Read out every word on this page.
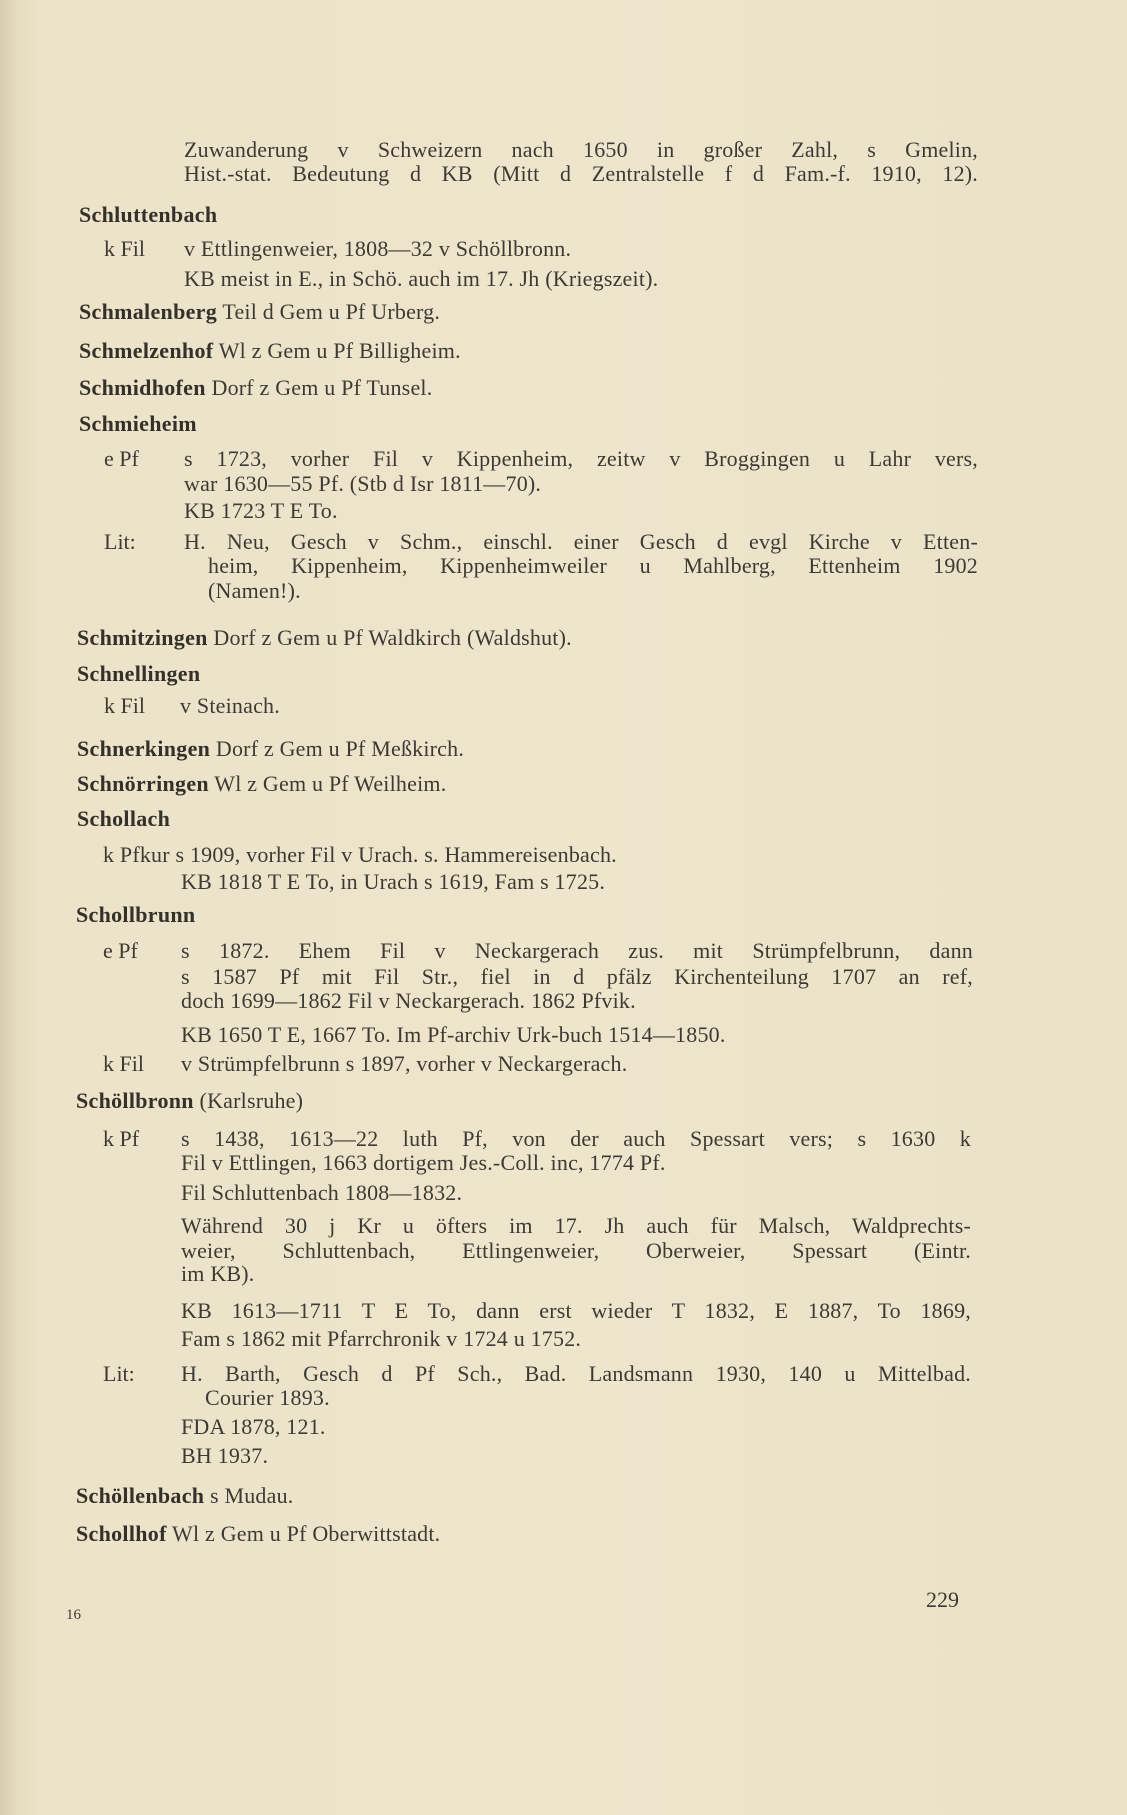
Zuwanderung v Schweizern nach 1650 in großer Zahl, s Gmelin,
Hist.-stat. Bedeutung d KB (Mitt d Zentralstelle f d Fam.-f. 1910, 12).
Schluttenbach
k Fil v Ettlingenweier, 1808—32 v Schöllbronn.
KB meist in E., in Schö. auch im 17. Jh (Kriegszeit).
Schmalenberg Teil d Gem u Pf Urberg.
Schmelzenhof Wl z Gem u Pf Billigheim.
Schmidhofen Dorf z Gem u Pf Tunsel.
Schmieheim
e Pf s 1723, vorher Fil v Kippenheim, zeitw v Broggingen u Lahr vers,
war 1630—55 Pf. (Stb d Isr 1811—70).
KB 1723 T E To.
Lit: H. Neu, Gesch v Schm., einschl. einer Gesch d evgl Kirche v Etten-
heim, Kippenheim, Kippenheimweiler u Mahlberg, Ettenheim 1902
(Namen!).
Schmitzingen Dorf z Gem u Pf Waldkirch (Waldshut).
Schnellingen
k Fil v Steinach.
Schnerkingen Dorf z Gem u Pf Meßkirch.
Schnörringen Wl z Gem u Pf Weilheim.
Schollach
k Pfkur s 1909, vorher Fil v Urach. s. Hammereisenbach.
KB 1818 T E To, in Urach s 1619, Fam s 1725.
Schollbrunn
e Pf s 1872. Ehem Fil v Neckargerach zus. mit Strümpfelbrunn, dann
s 1587 Pf mit Fil Str., fiel in d pfälz Kirchenteilung 1707 an ref,
doch 1699—1862 Fil v Neckargerach. 1862 Pfvik.
KB 1650 T E, 1667 To. Im Pf-archiv Urk-buch 1514—1850.
k Fil v Strümpfelbrunn s 1897, vorher v Neckargerach.
Schöllbronn (Karlsruhe)
k Pf s 1438, 1613—22 luth Pf, von der auch Spessart vers; s 1630 k
Fil v Ettlingen, 1663 dortigem Jes.-Coll. inc, 1774 Pf.
Fil Schluttenbach 1808—1832.
Während 30 j Kr u öfters im 17. Jh auch für Malsch, Waldprechts-
weier, Schluttenbach, Ettlingenweier, Oberweier, Spessart (Eintr.
im KB).
KB 1613—1711 T E To, dann erst wieder T 1832, E 1887, To 1869,
Fam s 1862 mit Pfarrchronik v 1724 u 1752.
Lit: H. Barth, Gesch d Pf Sch., Bad. Landsmann 1930, 140 u Mittelbad.
Courier 1893.
FDA 1878, 121.
BH 1937.
Schöllenbach s Mudau.
Schollhof Wl z Gem u Pf Oberwittstadt.
229
16
